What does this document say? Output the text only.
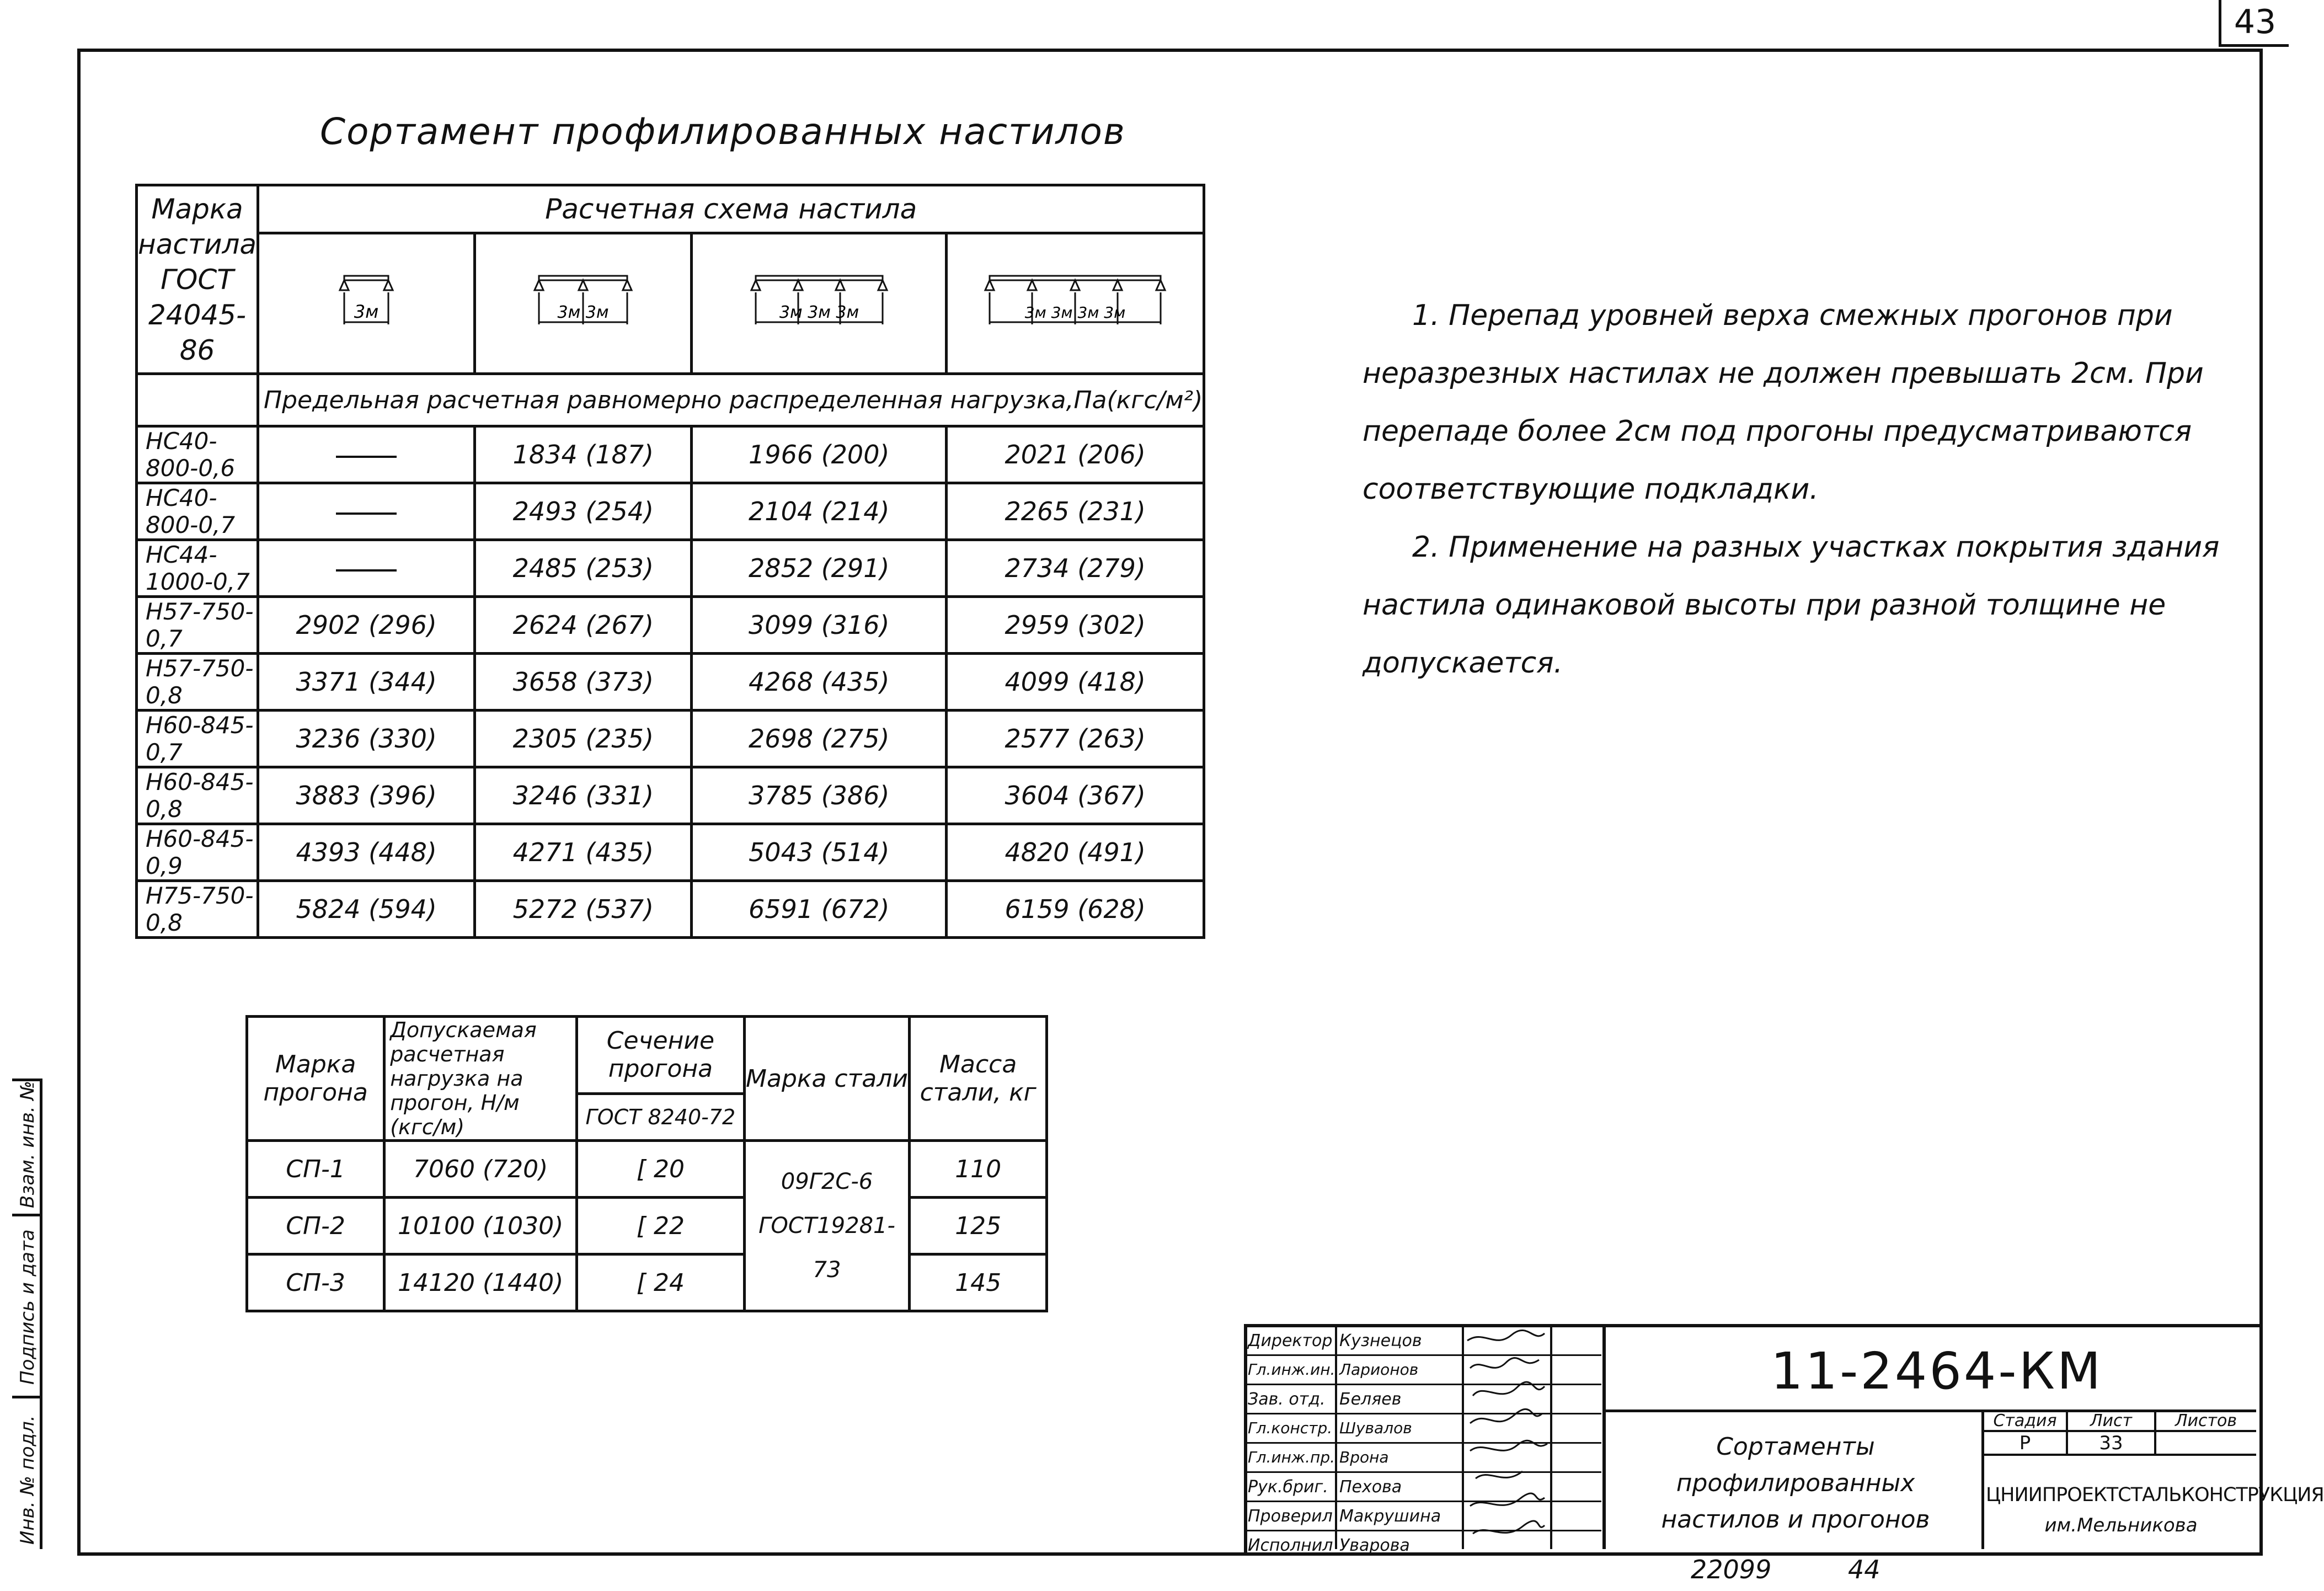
43
Сортамент профилированных настилов
Марка настила ГОСТ 24045-86	Расчетная схема настила			

3м	3м 3м	3м 3м 3м	3м 3м 3м 3м

	Предельная расчетная равномерно распределенная нагрузка,Па(кгс/м²)			
НС40-800-0,6		1834 (187)	1966 (200)	2021 (206)
НС40-800-0,7		2493 (254)	2104 (214)	2265 (231)
НС44-1000-0,7		2485 (253)	2852 (291)	2734 (279)
Н57-750-0,7	2902 (296)	2624 (267)	3099 (316)	2959 (302)
Н57-750-0,8	3371 (344)	3658 (373)	4268 (435)	4099 (418)
Н60-845-0,7	3236 (330)	2305 (235)	2698 (275)	2577 (263)
Н60-845-0,8	3883 (396)	3246 (331)	3785 (386)	3604 (367)
Н60-845-0,9	4393 (448)	4271 (435)	5043 (514)	4820 (491)
Н75-750-0,8	5824 (594)	5272 (537)	6591 (672)	6159 (628)

1. Перепад уровней верха смежных прогонов при неразрезных настилах не должен превышать 2см. При перепаде более 2см под прогоны предусматриваются соответствующие подкладки.

2. Применение на разных участках покрытия здания настила одинаковой высоты при разной толщине не допускается.

Марка прогона	Допускаемая расчетная нагрузка на прогон, Н/м (кгс/м)	Сечение прогона	Марка стали	Масса стали, кг
		ГОСТ 8240-72		
СП-1	7060 (720)	[ 20	09Г2С-6 ГОСТ19281-73	110
СП-2	10100 (1030)	[ 22		125
СП-3	14120 (1440)	[ 24		145
Инв. № подл.
Подпись и дата
Взам. инв. №
Директор Кузнецов
Гл.инж.ин. Ларионов
Зав. отд. Беляев
Гл.констр. Шувалов
Гл.инж.пр. Врона
Рук.бриг. Пехова
Проверил Макрушина
Исполнил Уварова
11-2464-КМ
Сортаменты профилированных настилов и прогонов
Стадия	Лист	Листов
Р	33
ЦНИИПРОЕКТСТАЛЬКОНСТРУКЦИЯ
им.Мельникова
22099	44
